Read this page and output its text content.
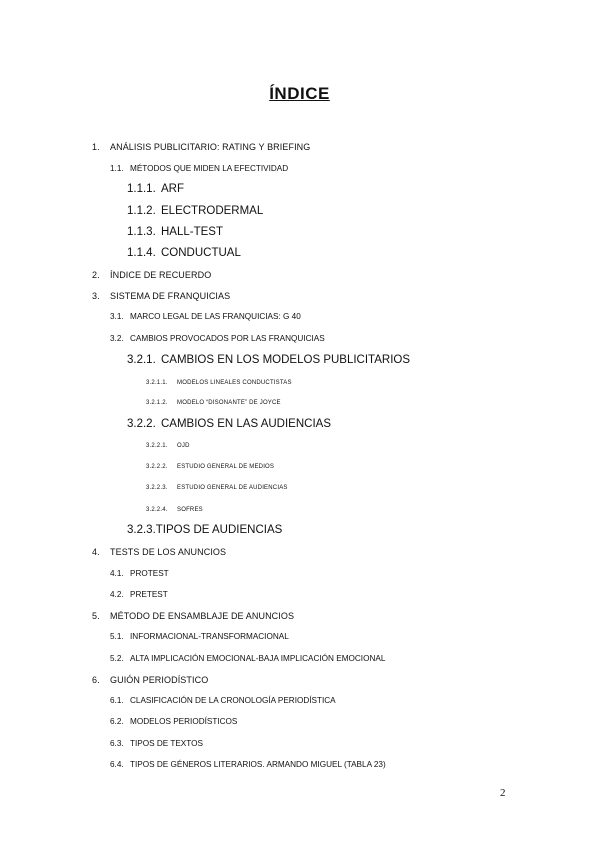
ÍNDICE
1. ANÁLISIS PUBLICITARIO: RATING Y BRIEFING
1.1. MÉTODOS QUE MIDEN LA EFECTIVIDAD
1.1.1. ARF
1.1.2. ELECTRODERMAL
1.1.3. HALL-TEST
1.1.4. CONDUCTUAL
2. ÍNDICE DE RECUERDO
3. SISTEMA DE FRANQUICIAS
3.1. MARCO LEGAL DE LAS FRANQUICIAS: G 40
3.2. CAMBIOS PROVOCADOS POR LAS FRANQUICIAS
3.2.1. CAMBIOS EN LOS MODELOS PUBLICITARIOS
3.2.1.1. MODELOS LINEALES CONDUCTISTAS
3.2.1.2. MODELO “DISONANTE” DE JOYCE
3.2.2. CAMBIOS EN LAS AUDIENCIAS
3.2.2.1. OJD
3.2.2.2. ESTUDIO GENERAL DE MEDIOS
3.2.2.3. ESTUDIO GENERAL DE AUDIENCIAS
3.2.2.4. SOFRES
3.2.3.TIPOS DE AUDIENCIAS
4. TESTS DE LOS ANUNCIOS
4.1. PROTEST
4.2. PRETEST
5. MÉTODO DE ENSAMBLAJE DE ANUNCIOS
5.1. INFORMACIONAL-TRANSFORMACIONAL
5.2. ALTA IMPLICACIÓN EMOCIONAL-BAJA IMPLICACIÓN EMOCIONAL
6. GUIÓN PERIODÍSTICO
6.1. CLASIFICACIÓN DE LA CRONOLOGÍA PERIODÍSTICA
6.2. MODELOS PERIODÍSTICOS
6.3. TIPOS DE TEXTOS
6.4. TIPOS DE GÉNEROS LITERARIOS. ARMANDO MIGUEL (TABLA 23)
2
